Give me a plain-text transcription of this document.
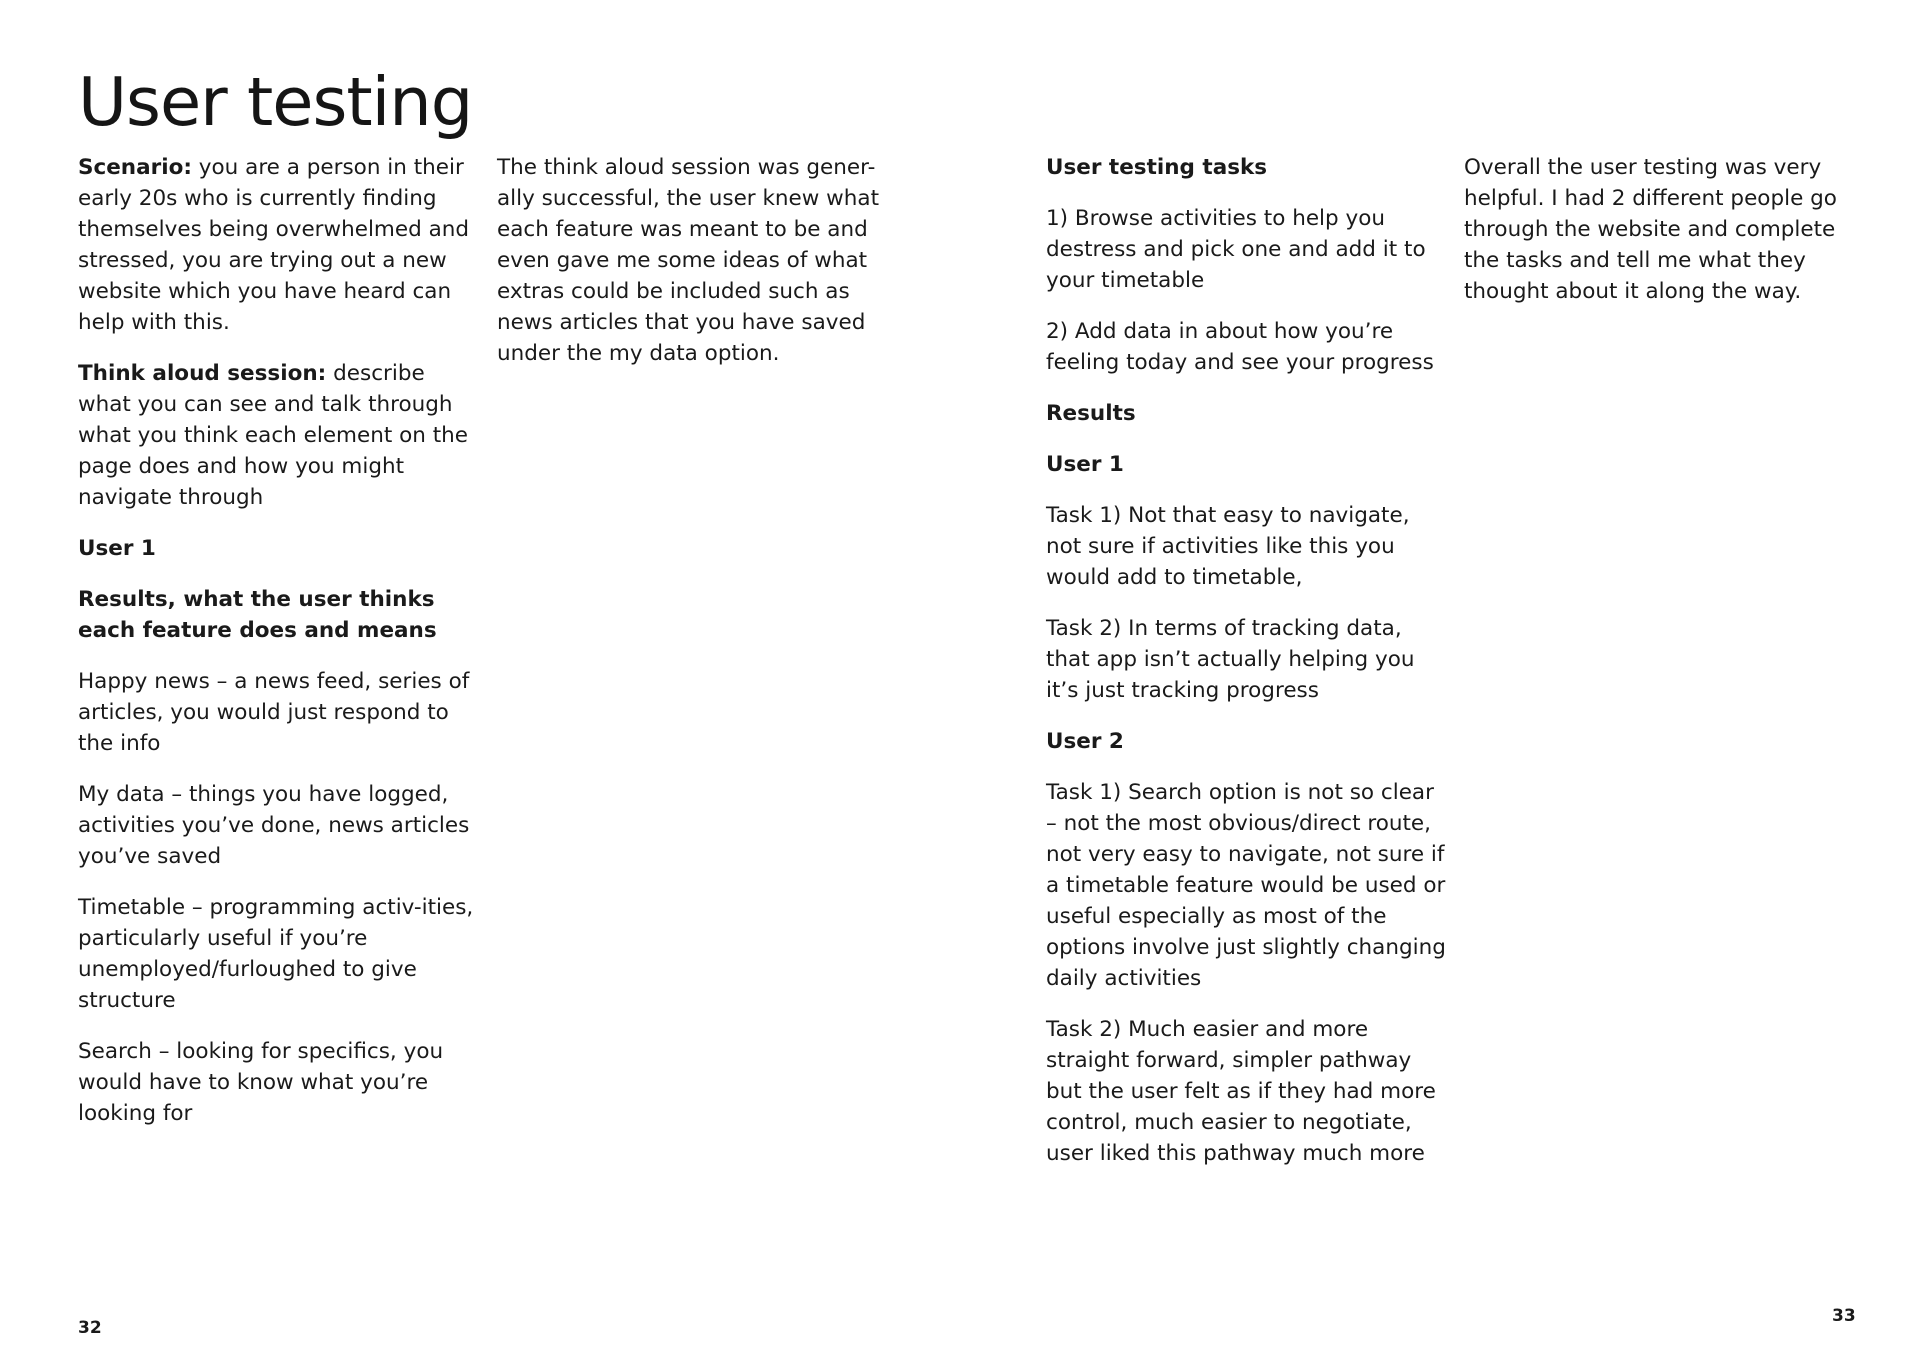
User testing

Scenario: you are a person in their early 20s who is currently finding themselves being overwhelmed and stressed, you are trying out a new website which you have heard can help with this.

Think aloud session: describe what you can see and talk through what you think each element on the page does and how you might navigate through

User 1

Results, what the user thinks each feature does and means

Happy news – a news feed, series of articles, you would just respond to the info

My data – things you have logged, activities you’ve done, news articles you’ve saved

Timetable – programming activ-ities, particularly useful if you’re unemployed/furloughed to give structure

Search – looking for specifics, you would have to know what you’re looking for

The think aloud session was gener-ally successful, the user knew what each feature was meant to be and even gave me some ideas of what extras could be included such as news articles that you have saved under the my data option.

User testing tasks

1) Browse activities to help you destress and pick one and add it to your timetable

2) Add data in about how you’re feeling today and see your progress

Results

User 1

Task 1) Not that easy to navigate, not sure if activities like this you would add to timetable,

Task 2) In terms of tracking data, that app isn’t actually helping you it’s just tracking progress

User 2

Task 1) Search option is not so clear – not the most obvious/direct route, not very easy to navigate, not sure if a timetable feature would be used or useful especially as most of the options involve just slightly changing daily activities

Task 2) Much easier and more straight forward, simpler pathway but the user felt as if they had more control, much easier to negotiate, user liked this pathway much more

Overall the user testing was very helpful. I had 2 different people go through the website and complete the tasks and tell me what they thought about it along the way.

32
33
